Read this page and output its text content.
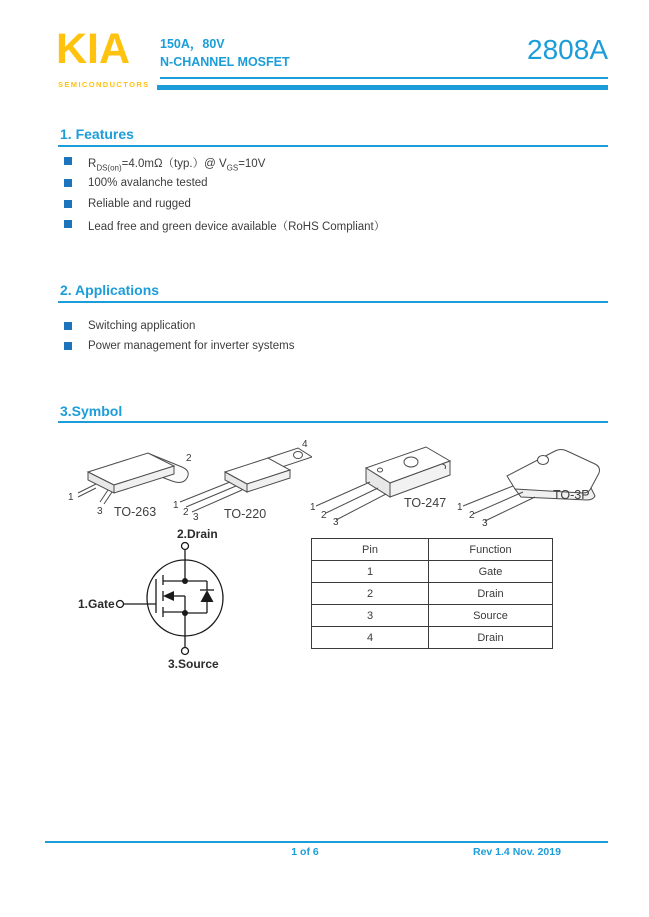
KIA
SEMICONDUCTORS
150A，80V
N-CHANNEL MOSFET	2808A
1. Features
$R_{DS(on)}=4.0m\Omega(typ.)@$ $V_{GS}=10V$
100% avalanche tested
Reliable and rugged
Lead free and green device available（RoHS Compliant）
2. Applications
Switching application
Power management for inverter systems
3.Symbol
1
2
3 TO-263 1
2 3
4
TO-220	1
2
3
TO-247 1
2
3
TO-3P
2.Drain
1.Gate
3.Source
Pin	Function
1	Gate
2	Drain
3	Source
4	Drain
1 of 6	Rev 1.4 Nov. 2019
